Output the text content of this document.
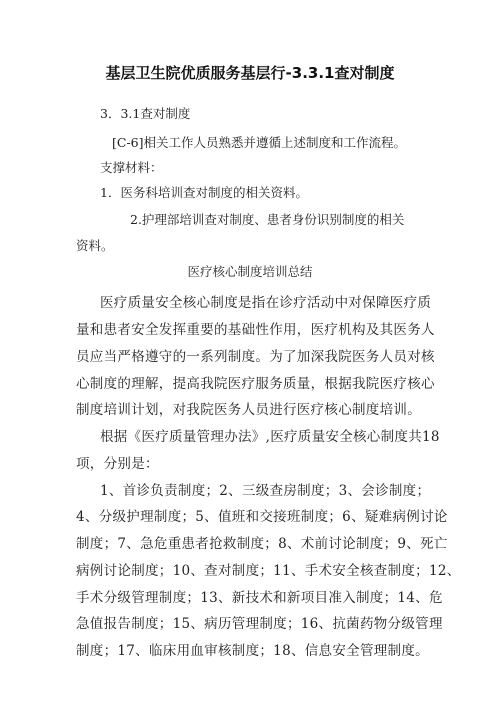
基层卫生院优质服务基层行-3.3.1查对制度
3．3.1查对制度
[C-6]相关工作人员熟悉并遵循上述制度和工作流程。
支撑材料：
1．医务科培训查对制度的相关资料。
2.护理部培训查对制度、患者身份识别制度的相关
资料。
医疗核心制度培训总结
医疗质量安全核心制度是指在诊疗活动中对保障医疗质
量和患者安全发挥重要的基础性作用，医疗机构及其医务人
员应当严格遵守的一系列制度。为了加深我院医务人员对核
心制度的理解，提高我院医疗服务质量，根据我院医疗核心
制度培训计划，对我院医务人员进行医疗核心制度培训。
根据《医疗质量管理办法》,医疗质量安全核心制度共18
项，分别是：
1、首诊负责制度；2、三级查房制度；3、会诊制度；
4、分级护理制度；5、值班和交接班制度；6、疑难病例讨论
制度；7、急危重患者抢救制度；8、术前讨论制度；9、死亡
病例讨论制度；10、查对制度；11、手术安全核查制度；12、
手术分级管理制度；13、新技术和新项目准入制度；14、危
急值报告制度；15、病历管理制度；16、抗菌药物分级管理
制度；17、临床用血审核制度；18、信息安全管理制度。
